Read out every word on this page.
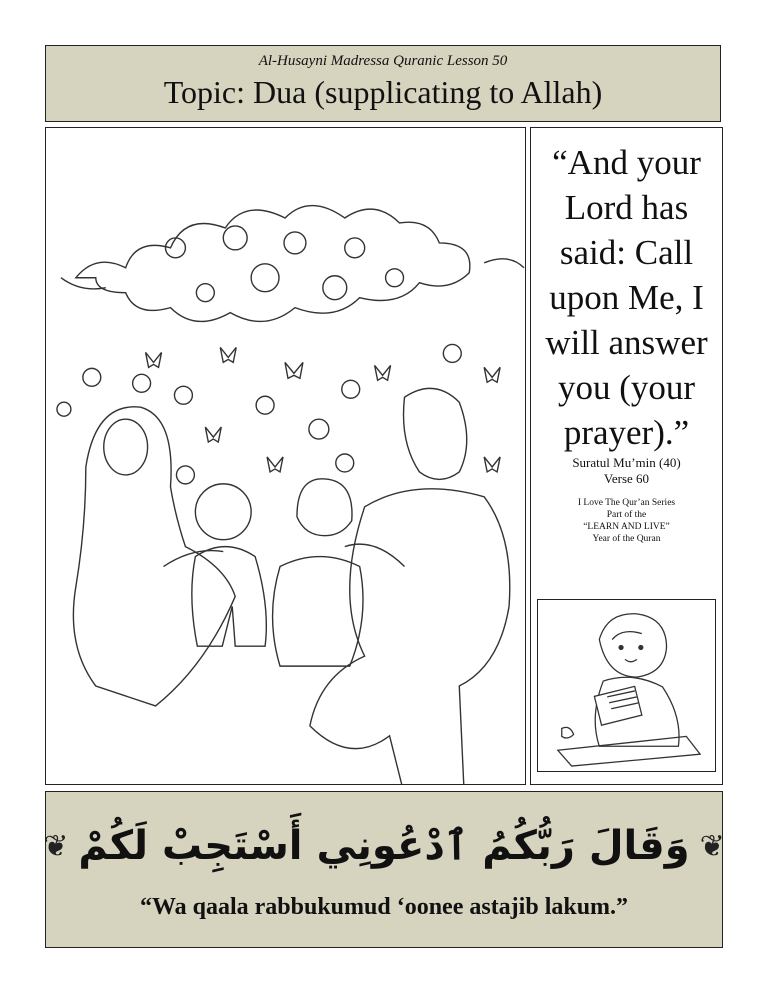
Al-Husayni Madressa Quranic Lesson 50
Topic: Dua (supplicating to Allah)
“And your Lord has said: Call upon Me, I will answer you (your prayer).”
Suratul Mu’min (40)
Verse 60
I Love The Qur’an Series
Part of the
“LEARN AND LIVE”
Year of the Quran
❦ وَقَالَ رَبُّكُمُ ٱدْعُونِي أَسْتَجِبْ لَكُمْ ❦
“Wa qaala rabbukumud ‘oonee astajib lakum.”
